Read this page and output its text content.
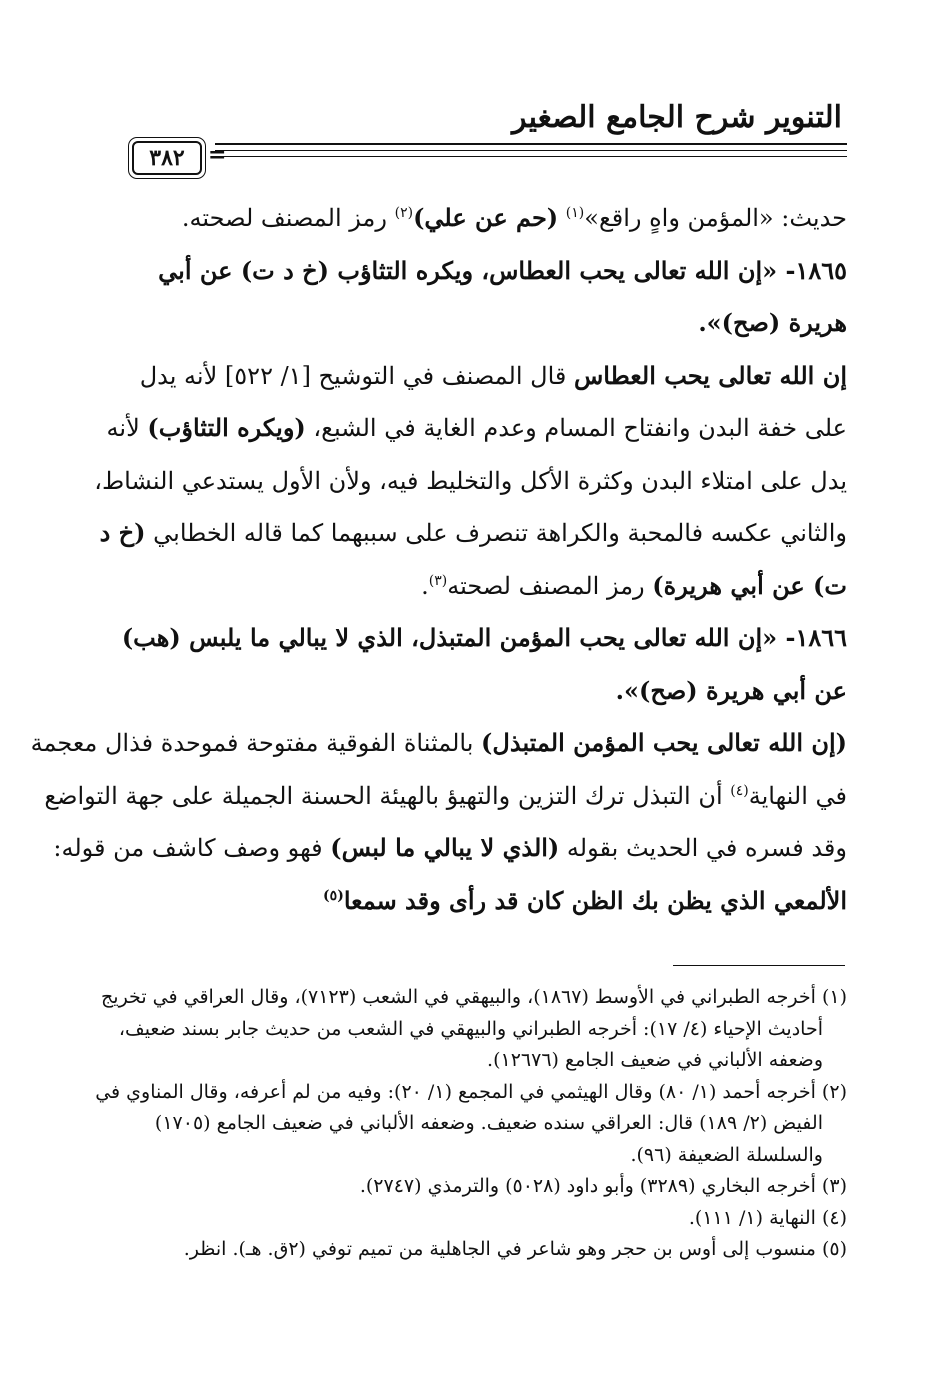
التنوير شرح الجامع الصغير
٣٨٢ =
حديث: «المؤمن واهٍ راقع»$^{(١)}$ (حم عن علي)$^{(٢)}$ رمز المصنف لصحته.
١٨٦٥- «إن الله تعالى يحب العطاس، ويكره التثاؤب (خ د ت) عن أبي
هريرة (صح)».
إن الله تعالى يحب العطاس قال المصنف في التوشيح [١/ ٥٢٢] لأنه يدل
على خفة البدن وانفتاح المسام وعدم الغاية في الشبع، (ويكره التثاؤب) لأنه
يدل على امتلاء البدن وكثرة الأكل والتخليط فيه، ولأن الأول يستدعي النشاط،
والثاني عكسه فالمحبة والكراهة تنصرف على سببهما كما قاله الخطابي (خ د
ت) عن أبي هريرة) رمز المصنف لصحته$^{(٣)}$.
١٨٦٦- «إن الله تعالى يحب المؤمن المتبذل، الذي لا يبالي ما يلبس (هب)
عن أبي هريرة (صح)».
(إن الله تعالى يحب المؤمن المتبذل) بالمثناة الفوقية مفتوحة فموحدة فذال معجمة
في النهاية$^{(٤)}$ أن التبذل ترك التزين والتهيؤ بالهيئة الحسنة الجميلة على جهة التواضع
وقد فسره في الحديث بقوله (الذي لا يبالي ما لبس) فهو وصف كاشف من قوله:
الألمعي الذي يظن بك الظن كان قد رأى وقد سمعا$^{(٥)}$
(١) أخرجه الطبراني في الأوسط (١٨٦٧)، والبيهقي في الشعب (٧١٢٣)، وقال العراقي في تخريج
أحاديث الإحياء (٤/ ١٧): أخرجه الطبراني والبيهقي في الشعب من حديث جابر بسند ضعيف،
وضعفه الألباني في ضعيف الجامع (١٢٦٧٦).
(٢) أخرجه أحمد (١/ ٨٠) وقال الهيثمي في المجمع (١/ ٢٠): وفيه من لم أعرفه، وقال المناوي في
الفيض (٢/ ١٨٩) قال: العراقي سنده ضعيف. وضعفه الألباني في ضعيف الجامع (١٧٠٥)
والسلسلة الضعيفة (٩٦).
(٣) أخرجه البخاري (٣٢٨٩) وأبو داود (٥٠٢٨) والترمذي (٢٧٤٧).
(٤) النهاية (١/ ١١١).
(٥) منسوب إلى أوس بن حجر وهو شاعر في الجاهلية من تميم توفي (٢ق. هـ). انظر.
